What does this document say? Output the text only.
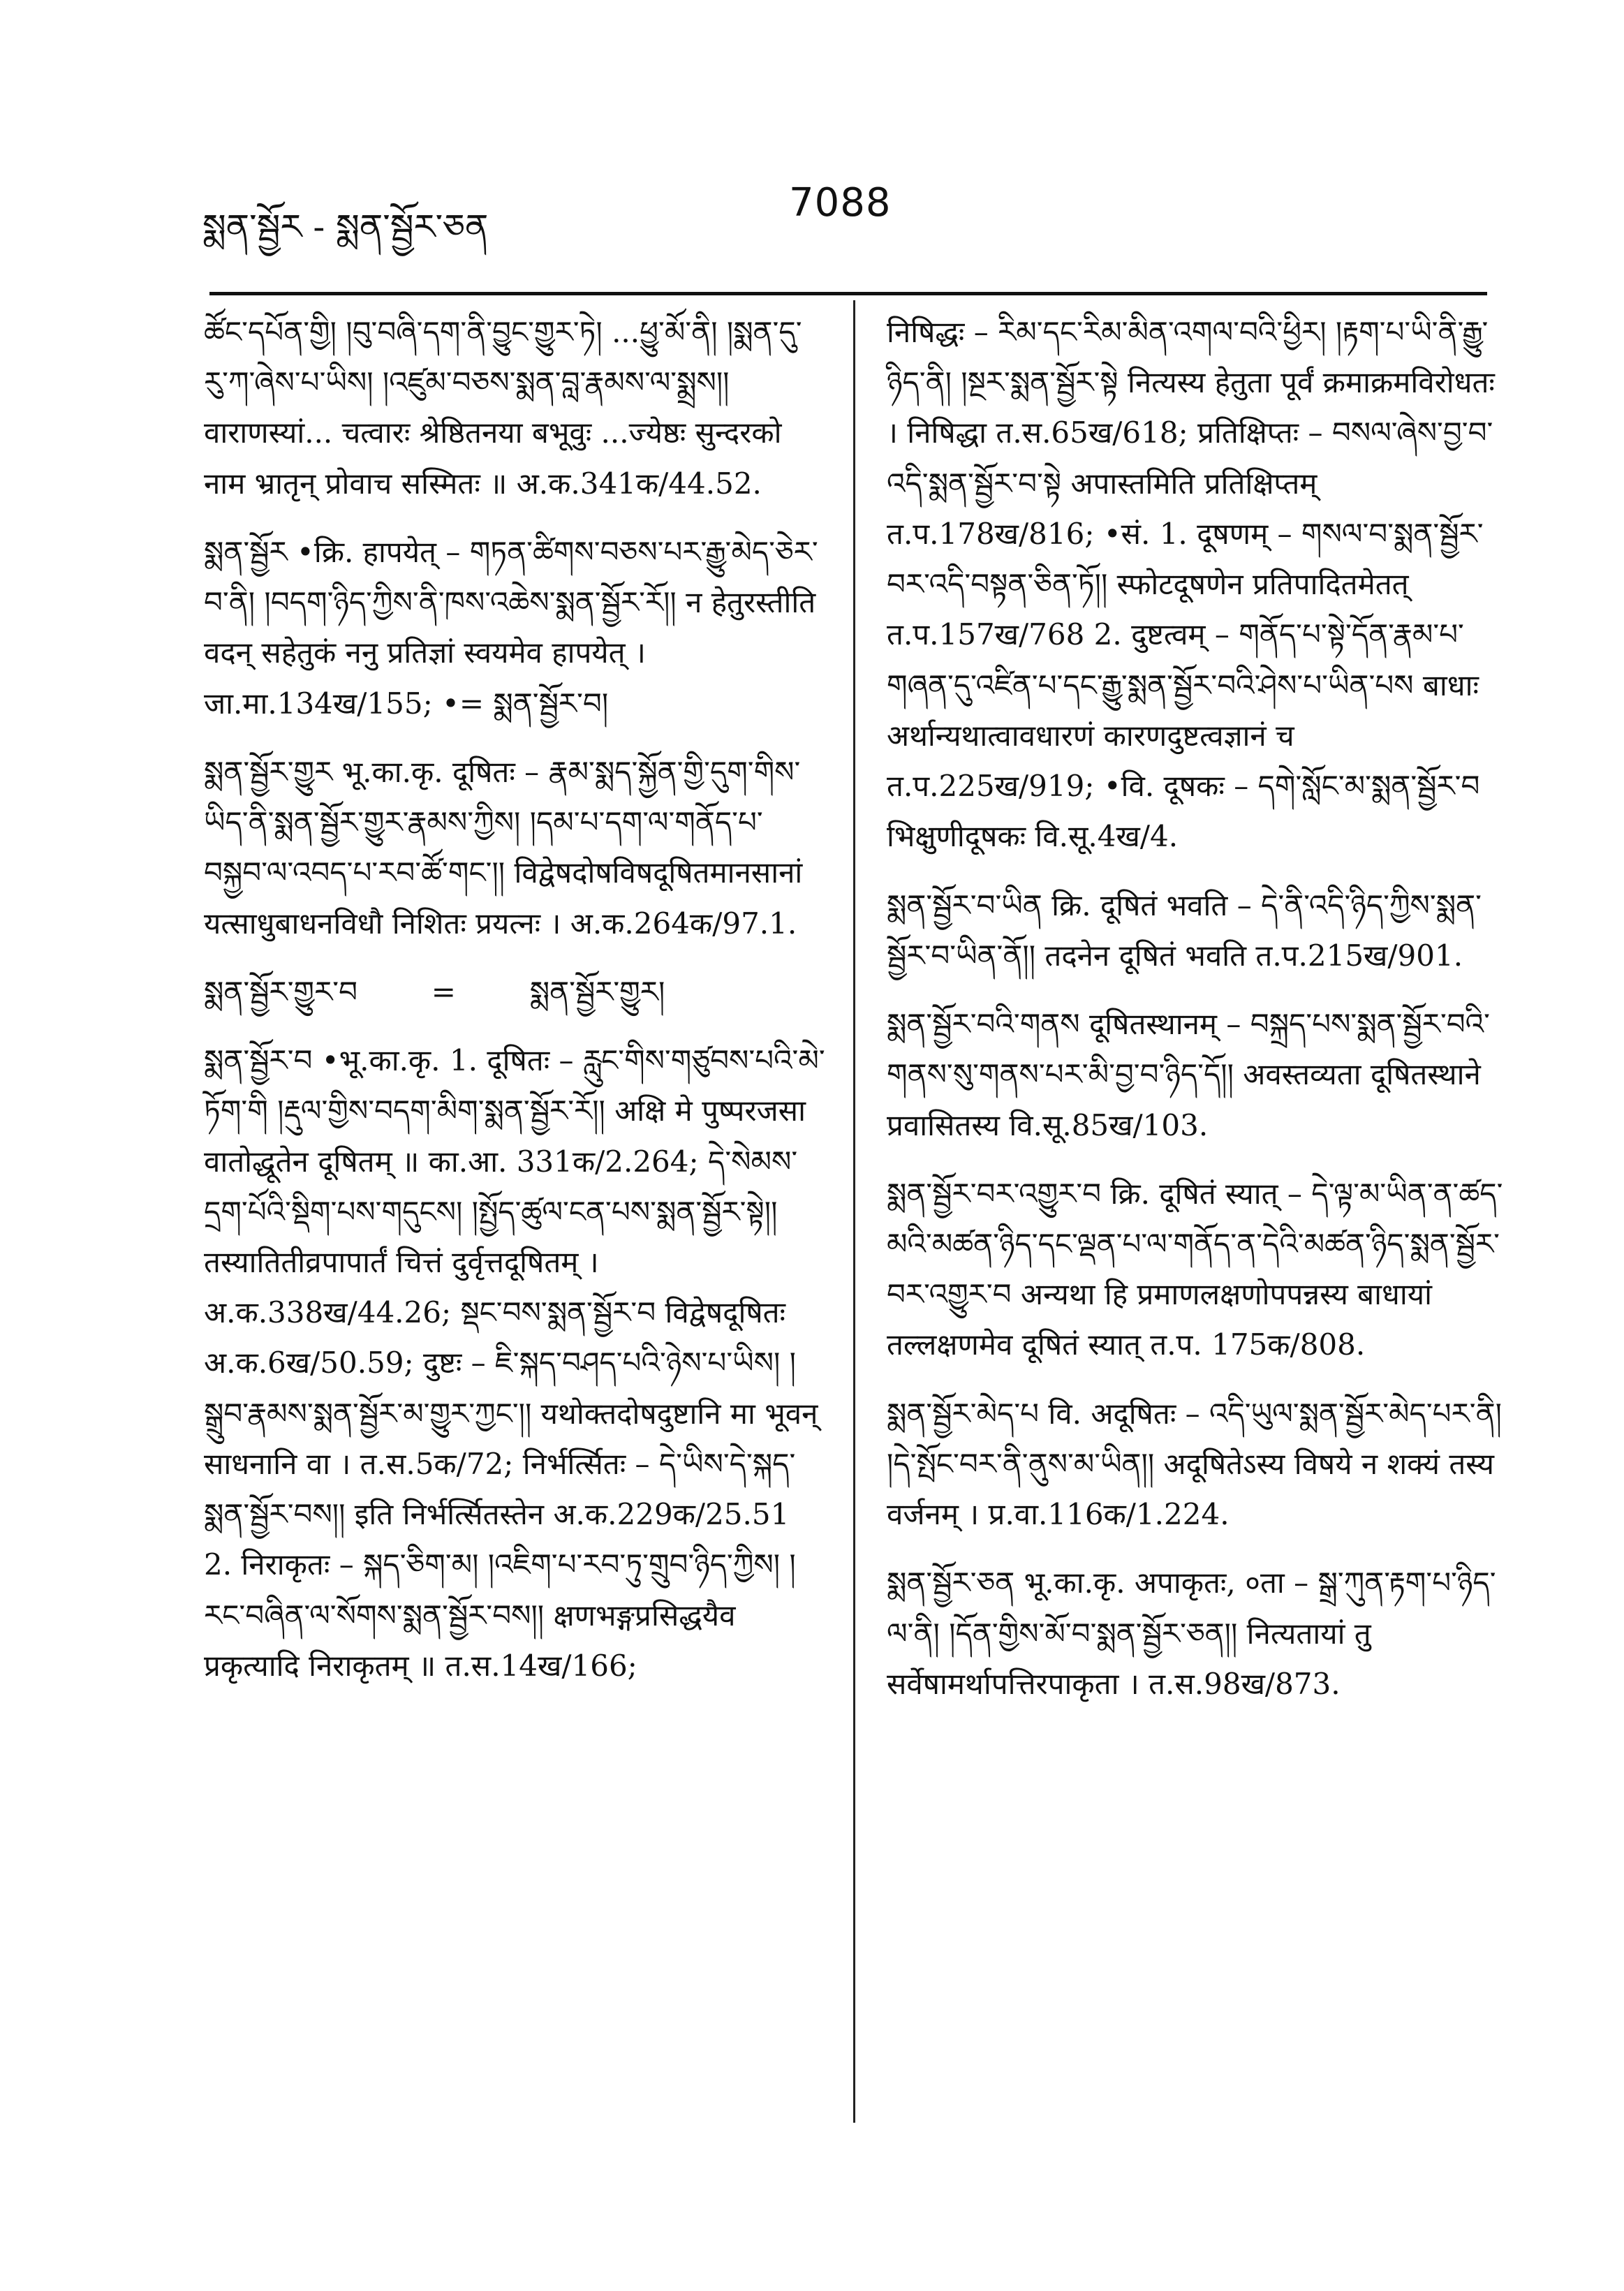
སྨན་སྦྱོར - སྨན་སྦྱོར་ཅན
7088

ཚོང་དཔོན་གྱི། །བུ་བཞི་དག་ནི་བྱུང་གྱུར་ཏེ། ...ཕྱུ་མོ་ནི། །སྨན་དུ་རུ་ཀ་ཞེས་པ་ཡིས། །འཛུམ་བཅས་སྨན་བླ་རྣམས་ལ་སྨྲས།། वाराणस्यां... चत्वारः श्रेष्ठितनया बभूवुः ...ज्येष्ठः सुन्दरको नाम भ्रातृन् प्रोवाच सस्मितः ॥ अ.क.341क/44.52.

སྨན་སྦྱོར •क्रि. हापयेत् – གཏན་ཚིགས་བཅས་པར་རྒྱུ་མེད་ཅེར་བ་ནི། །བདག་ཉིད་ཀྱིས་ནི་ཁས་འཆེས་སྨན་སྦྱོར་རོ།། न हेतुरस्तीति वदन् सहेतुकं ननु प्रतिज्ञां स्वयमेव हापयेत् । जा.मा.134ख/155; •= སྨན་སྦྱོར་བ།

སྨན་སྦྱོར་གྱུར भू.का.कृ. दूषितः – རྣམ་སྨད་སྐྱོན་གྱི་དུག་གིས་ཡིད་ནི་སྨན་སྦྱོར་གྱུར་རྣམས་ཀྱིས། །དམ་པ་དག་ལ་གནོད་པ་བསྐྱབ་ལ་འབད་པ་རབ་ཚོ་གང་།། विद्वेषदोषविषदूषितमानसानां यत्साधुबाधनविधौ निशितः प्रयत्नः । अ.क.264क/97.1.

སྨན་སྦྱོར་གྱུར་བ	=	སྨན་སྦྱོར་གྱུར།

སྨན་སྦྱོར་བ •भू.का.कृ. 1. दूषितः – རླུང་གིས་གཙུབས་པའི་མེ་ཏོག་གི །རྡུལ་གྱིས་བདག་མིག་སྨན་སྦྱོར་རོ།། अक्षि मे पुष्परजसा वातोद्धूतेन दूषितम् ॥ का.आ. 331क/2.264; དེ་སེམས་དྲག་པོའི་སྡིག་པས་གདུངས། །སྤྱོད་ཚུལ་ངན་པས་སྨན་སྦྱོར་སྟེ།། तस्यातितीव्रपापार्तं चित्तं दुर्वृत्तदूषितम् । अ.क.338ख/44.26; སྡང་བས་སྨན་སྦྱོར་བ विद्वेषदूषितः अ.क.6ख/50.59; दुष्टः – ཇི་སྐད་བཤད་པའི་ཉེས་པ་ཡིས། །སྒྲུབ་རྣམས་སྨན་སྦྱོར་མ་གྱུར་ཀྱང་།། यथोक्तदोषदुष्टानि मा भूवन् साधनानि वा । त.स.5क/72; निर्भर्त्सितः – དེ་ཡིས་དེ་སྐད་སྨན་སྦྱོར་བས།། इति निर्भर्त्सितस्तेन अ.क.229क/25.51 2. निराकृतः – སྐད་ཅིག་མ། །འཇིག་པ་རབ་ཏུ་གྲུབ་ཉིད་ཀྱིས། །རང་བཞིན་ལ་སོགས་སྨན་སྦྱོར་བས།། क्षणभङ्गप्रसिद्धयैव प्रकृत्यादि निराकृतम् ॥ त.स.14ख/166;

निषिद्धः – རིམ་དང་རིམ་མིན་འགལ་བའི་ཕྱིར། །རྟག་པ་ཡི་ནི་རྒྱུ་ཉིད་ནི། །སྔར་སྨན་སྦྱོར་སྟེ नित्यस्य हेतुता पूर्वं क्रमाक्रमविरोधतः । निषिद्धा त.स.65ख/618; प्रतिक्षिप्तः – བསལ་ཞེས་བྱ་བ་འདི་སྨན་སྦྱོར་བ་སྟེ अपास्तमिति प्रतिक्षिप्तम् त.प.178ख/816; •सं. 1. दूषणम् – གསལ་བ་སྨན་སྦྱོར་བར་འདི་བསྟན་ཅིན་ཏོ།། स्फोटदूषणेन प्रतिपादितमेतत् त.प.157ख/768 2. दुष्टत्वम् – གནོད་པ་སྟེ་དོན་རྣམ་པ་གཞན་དུ་འཛིན་པ་དང་རྒྱུ་སྨན་སྦྱོར་བའི་ཤེས་པ་ཡིན་པས बाधाः अर्थान्यथात्वावधारणं कारणदुष्टत्वज्ञानं च त.प.225ख/919; •वि. दूषकः – དགེ་སློང་མ་སྨན་སྦྱོར་བ भिक्षुणीदूषकः वि.सू.4ख/4.

སྨན་སྦྱོར་བ་ཡིན क्रि. दूषितं भवति – དེ་ནི་འདི་ཉིད་ཀྱིས་སྨན་སྦྱོར་བ་ཡིན་ནོ།། तदनेन दूषितं भवति त.प.215ख/901.

སྨན་སྦྱོར་བའི་གནས दूषितस्थानम् – བསྐྲད་པས་སྨན་སྦྱོར་བའི་གནས་སུ་གནས་པར་མི་བྱ་བ་ཉིད་དོ།། अवस्तव्यता दूषितस्थाने प्रवासितस्य वि.सू.85ख/103.

སྨན་སྦྱོར་བར་འགྱུར་བ क्रि. दूषितं स्यात् – དེ་ལྟ་མ་ཡིན་ན་ཚད་མའི་མཚན་ཉིད་དང་ལྡན་པ་ལ་གནོད་ན་དེའི་མཚན་ཉིད་སྨན་སྦྱོར་བར་འགྱུར་བ अन्यथा हि प्रमाणलक्षणोपपन्नस्य बाधायां तल्लक्षणमेव दूषितं स्यात् त.प. 175क/808.

སྨན་སྦྱོར་མེད་པ वि. अदूषितः – འདི་ཡུལ་སྨན་སྦྱོར་མེད་པར་ནི། །དེ་སྤོང་བར་ནི་ནུས་མ་ཡིན།། अदूषितेऽस्य विषये न शक्यं तस्य वर्जनम् । प्र.वा.116क/1.224.

སྨན་སྦྱོར་ཅན भू.का.कृ. अपाकृतः, ०ता – སྒྲ་ཀུན་རྟག་པ་ཉིད་ལ་ནི། །དོན་གྱིས་མོ་བ་སྨན་སྦྱོར་ཅན།། नित्यतायां तु सर्वेषामर्थापत्तिरपाकृता । त.स.98ख/873.
